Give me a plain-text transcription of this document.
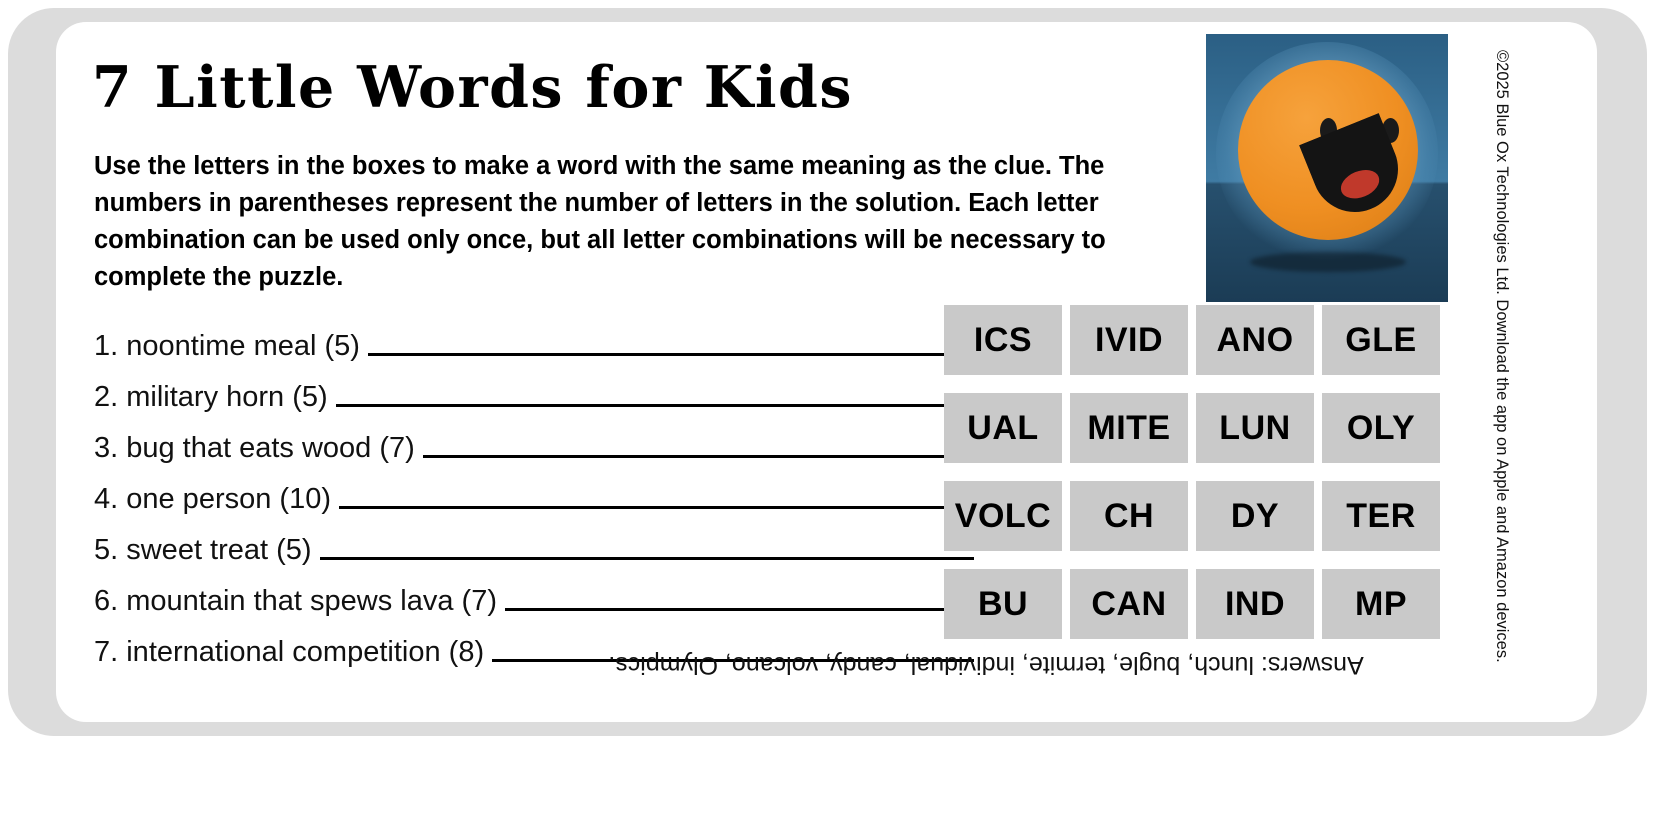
7 Little Words for Kids
Use the letters in the boxes to make a word with the same meaning as the clue. The numbers in parentheses represent the number of letters in the solution. Each letter combination can be used only once, but all letter combinations will be necessary to complete the puzzle.
1. noontime meal (5)
2. military horn (5)
3. bug that eats wood (7)
4. one person (10)
5. sweet treat (5)
6. mountain that spews lava (7)
7. international competition (8)	Answers: lunch, bugle, termite, individual, candy, volcano, Olympics.
ICS	IVID	ANO	GLE
UAL	MITE	LUN	OLY
VOLC	CH	DY	TER
BU	CAN	IND	MP	©2025 Blue Ox Technologies Ltd. Download the app on Apple and Amazon devices.
